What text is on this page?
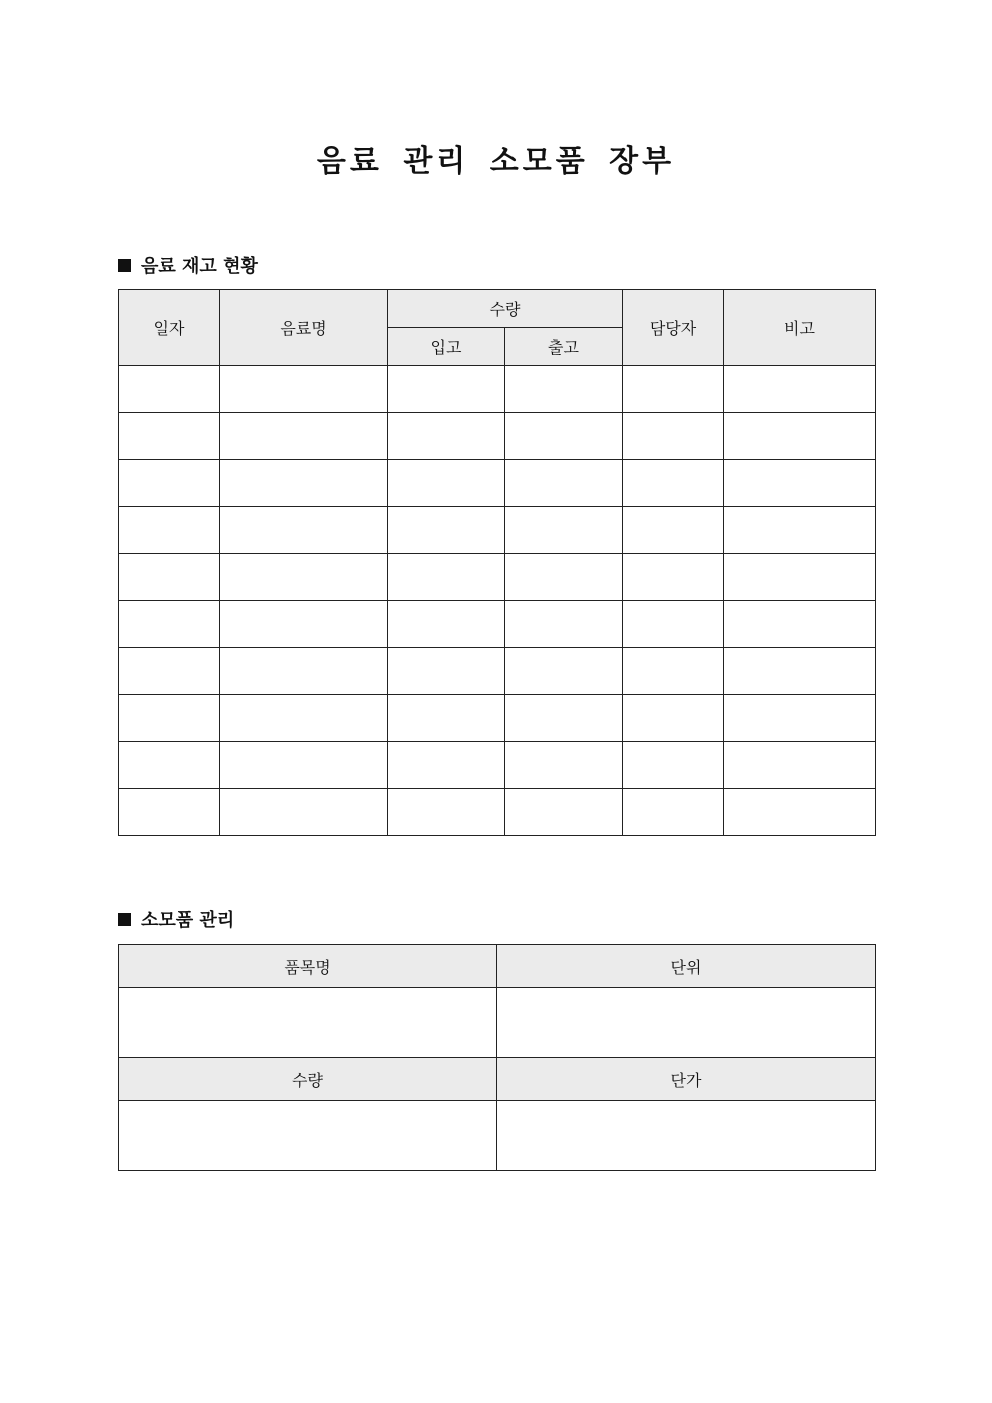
음료 관리 소모품 장부
음료 재고 현황
일자	음료명	수량		담당자	비고
		입고	출고		

소모품 관리
품목명	단위

수량	단가
